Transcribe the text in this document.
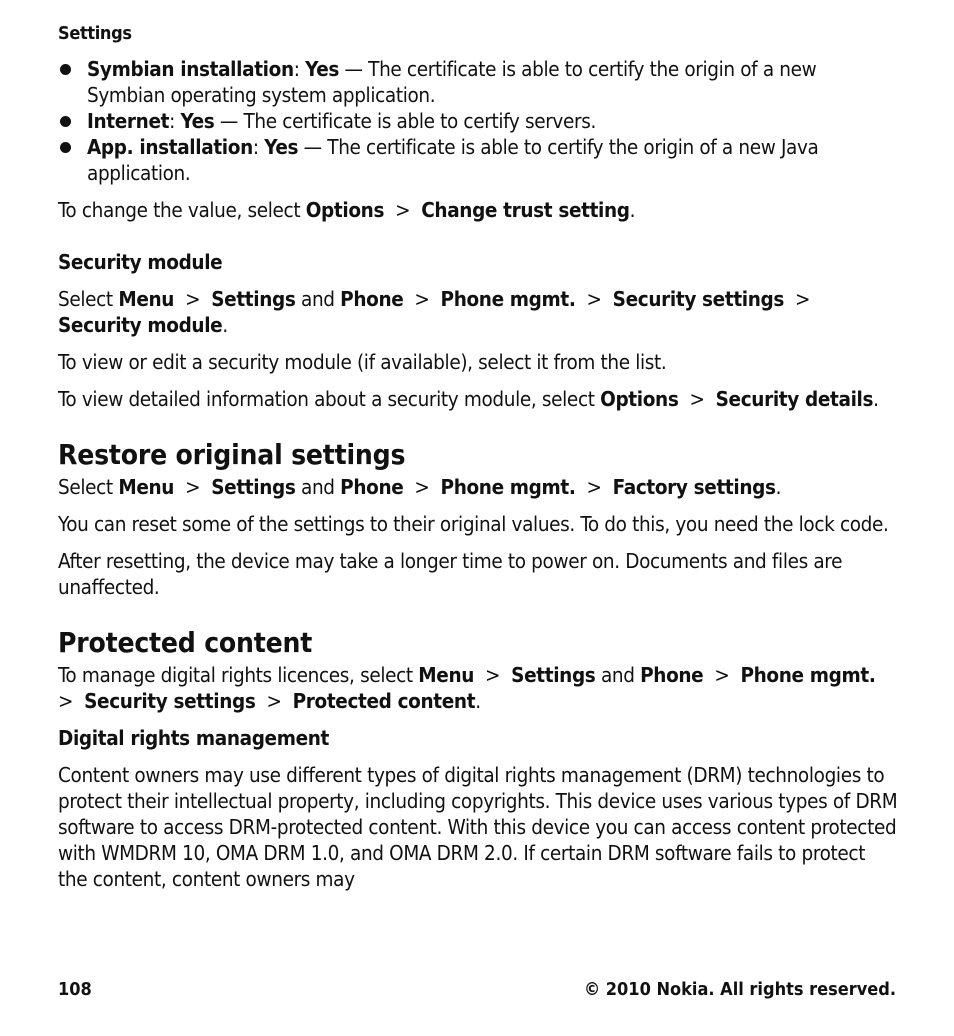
Settings
Symbian installation: Yes — The certificate is able to certify the origin of a new Symbian operating system application.
Internet: Yes — The certificate is able to certify servers.
App. installation: Yes — The certificate is able to certify the origin of a new Java application.

To change the value, select Options  >  Change trust setting.

Security module

Select Menu  >  Settings and Phone  >  Phone mgmt.  >  Security settings  > Security module.

To view or edit a security module (if available), select it from the list.

To view detailed information about a security module, select Options  >  Security details.

Restore original settings

Select Menu  >  Settings and Phone  >  Phone mgmt.  >  Factory settings.

You can reset some of the settings to their original values. To do this, you need the lock code.

After resetting, the device may take a longer time to power on. Documents and files are unaffected.

Protected content

To manage digital rights licences, select Menu  >  Settings and Phone  >  Phone mgmt.  >  Security settings  >  Protected content.

Digital rights management

Content owners may use different types of digital rights management (DRM) technologies to protect their intellectual property, including copyrights. This device uses various types of DRM software to access DRM-protected content. With this device you can access content protected with WMDRM 10, OMA DRM 1.0, and OMA DRM 2.0. If certain DRM software fails to protect the content, content owners may

108	© 2010 Nokia. All rights reserved.
